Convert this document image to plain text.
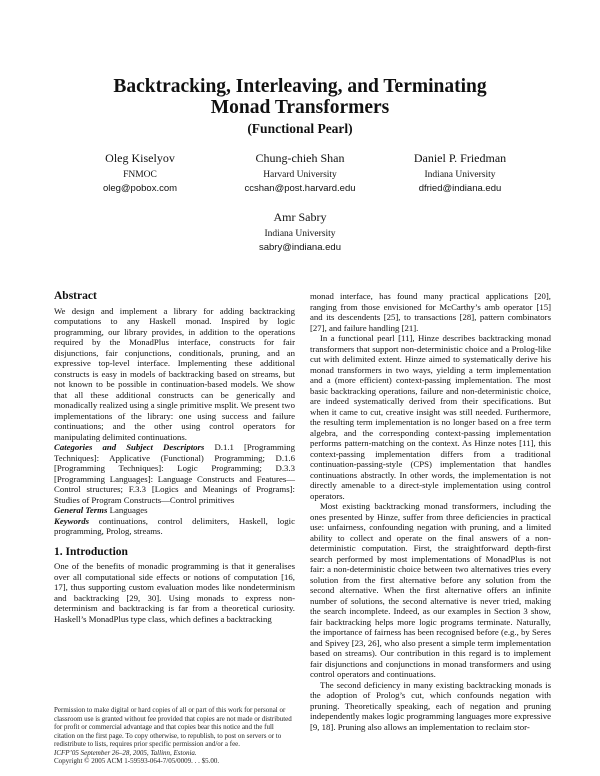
Backtracking, Interleaving, and Terminating
Monad Transformers
(Functional Pearl)
Oleg Kiselyov
FNMOC
oleg@pobox.com
Chung-chieh Shan
Harvard University
ccshan@post.harvard.edu
Daniel P. Friedman
Indiana University
dfried@indiana.edu
Amr Sabry
Indiana University
sabry@indiana.edu
Abstract

We design and implement a library for adding backtracking computations to any Haskell monad. Inspired by logic programming, our library provides, in addition to the operations required by the MonadPlus interface, constructs for fair disjunctions, fair conjunctions, conditionals, pruning, and an expressive top-level interface. Implementing these additional constructs is easy in models of backtracking based on streams, but not known to be possible in continuation-based models. We show that all these additional constructs can be generically and monadically realized using a single primitive msplit. We present two implementations of the library: one using success and failure continuations; and the other using control operators for manipulating delimited continuations.

Categories and Subject Descriptors D.1.1 [Programming Techniques]: Applicative (Functional) Programming; D.1.6 [Programming Techniques]: Logic Programming; D.3.3 [Programming Languages]: Language Constructs and Features—Control structures; F.3.3 [Logics and Meanings of Programs]: Studies of Program Constructs—Control primitives

General Terms Languages

Keywords continuations, control delimiters, Haskell, logic programming, Prolog, streams.

1. Introduction

One of the benefits of monadic programming is that it generalises over all computational side effects or notions of computation [16, 17], thus supporting custom evaluation modes like nondeterminism and backtracking [29, 30]. Using monads to express non-determinism and backtracking is far from a theoretical curiosity. Haskell’s MonadPlus type class, which defines a backtracking

Permission to make digital or hard copies of all or part of this work for personal or classroom use is granted without fee provided that copies are not made or distributed for profit or commercial advantage and that copies bear this notice and the full citation on the first page. To copy otherwise, to republish, to post on servers or to redistribute to lists, requires prior specific permission and/or a fee.
ICFP’05 September 26–28, 2005, Tallinn, Estonia.
Copyright © 2005 ACM 1-59593-064-7/05/0009. . . $5.00.

monad interface, has found many practical applications [20], ranging from those envisioned for McCarthy’s amb operator [15] and its descendents [25], to transactions [28], pattern combinators [27], and failure handling [21].

In a functional pearl [11], Hinze describes backtracking monad transformers that support non-deterministic choice and a Prolog-like cut with delimited extent. Hinze aimed to systematically derive his monad transformers in two ways, yielding a term implementation and a (more efficient) context-passing implementation. The most basic backtracking operations, failure and non-deterministic choice, are indeed systematically derived from their specifications. But when it came to cut, creative insight was still needed. Furthermore, the resulting term implementation is no longer based on a free term algebra, and the corresponding context-passing implementation performs pattern-matching on the context. As Hinze notes [11], this context-passing implementation differs from a traditional continuation-passing-style (CPS) implementation that handles continuations abstractly. In other words, the implementation is not directly amenable to a direct-style implementation using control operators.

Most existing backtracking monad transformers, including the ones presented by Hinze, suffer from three deficiencies in practical use: unfairness, confounding negation with pruning, and a limited ability to collect and operate on the final answers of a non-deterministic computation. First, the straightforward depth-first search performed by most implementations of MonadPlus is not fair: a non-deterministic choice between two alternatives tries every solution from the first alternative before any solution from the second alternative. When the first alternative offers an infinite number of solutions, the second alternative is never tried, making the search incomplete. Indeed, as our examples in Section 3 show, fair backtracking helps more logic programs terminate. Naturally, the importance of fairness has been recognised before (e.g., by Seres and Spivey [23, 26], who also present a simple term implementation based on streams). Our contribution in this regard is to implement fair disjunctions and conjunctions in monad transformers and using control operators and continuations.

The second deficiency in many existing backtracking monads is the adoption of Prolog’s cut, which confounds negation with pruning. Theoretically speaking, each of negation and pruning independently makes logic programming languages more expressive [9, 18]. Pruning also allows an implementation to reclaim stor-
